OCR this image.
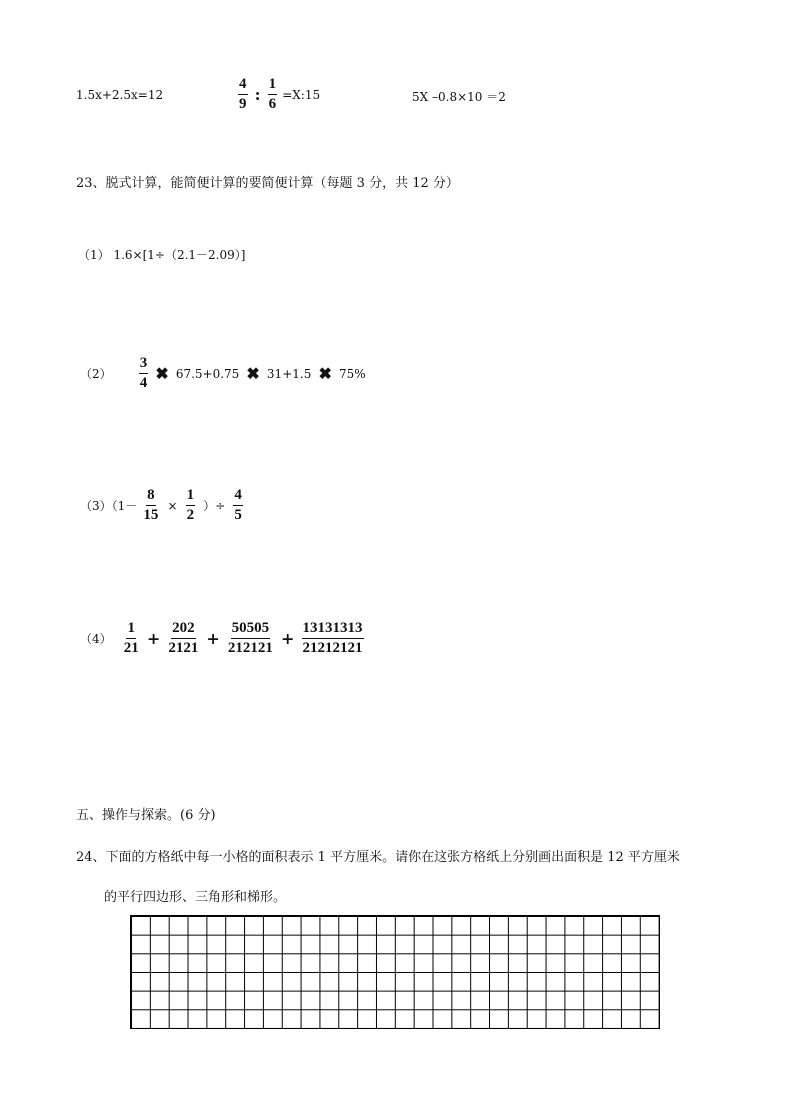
1.5x+2.5x=12	$\frac{4}{9}$ : $\frac{1}{6}$ =X:15	5X –0.8×10 ＝2
23、脱式计算，能简便计算的要简便计算（每题 3 分，共 12 分）
（1） 1.6×[1÷（2.1－2.09）]
$(2) \frac{3}{4}$ ✖ 67.5+0.75 ✖ 31+1.5 ✖ 75%
$(3)(1- \frac{8}{15} \times \frac{1}{2}$ ）÷ $\frac{4}{5}$
$(4) \frac{1}{21} + \frac{202}{2121} + \frac{50505}{212121} + \frac{13131313}{21212121}$
五、操作与探索。(6 分)
24、下面的方格纸中每一小格的面积表示 1 平方厘米。请你在这张方格纸上分别画出面积是 12 平方厘米
的平行四边形、三角形和梯形。
